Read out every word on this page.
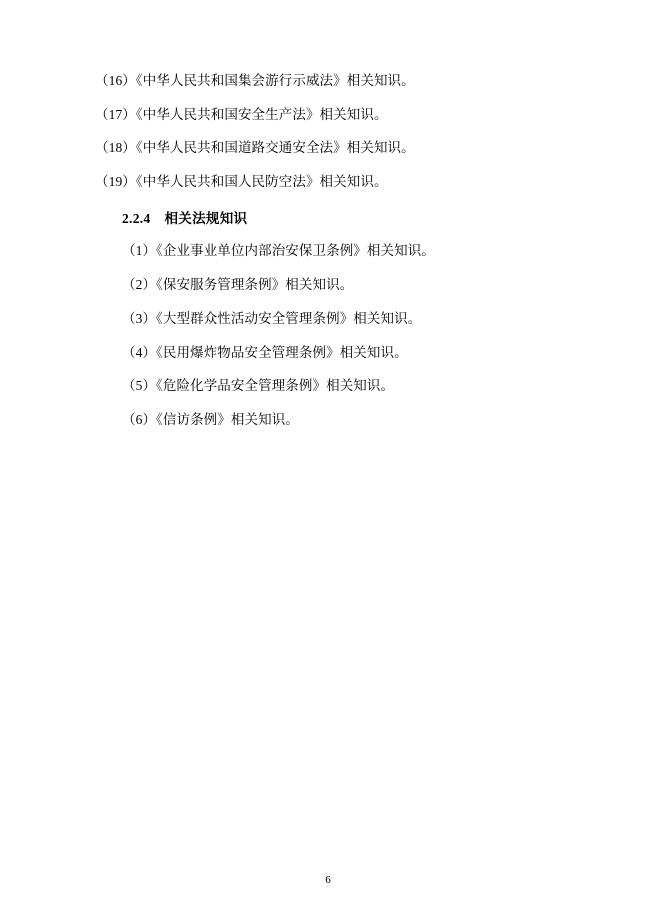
（16）《中华人民共和国集会游行示威法》相关知识。

（17）《中华人民共和国安全生产法》相关知识。

（18）《中华人民共和国道路交通安全法》相关知识。

（19）《中华人民共和国人民防空法》相关知识。

2.2.4 相关法规知识

（1）《企业事业单位内部治安保卫条例》相关知识。

（2）《保安服务管理条例》相关知识。

（3）《大型群众性活动安全管理条例》相关知识。

（4）《民用爆炸物品安全管理条例》相关知识。

（5）《危险化学品安全管理条例》相关知识。

（6）《信访条例》相关知识。

6
